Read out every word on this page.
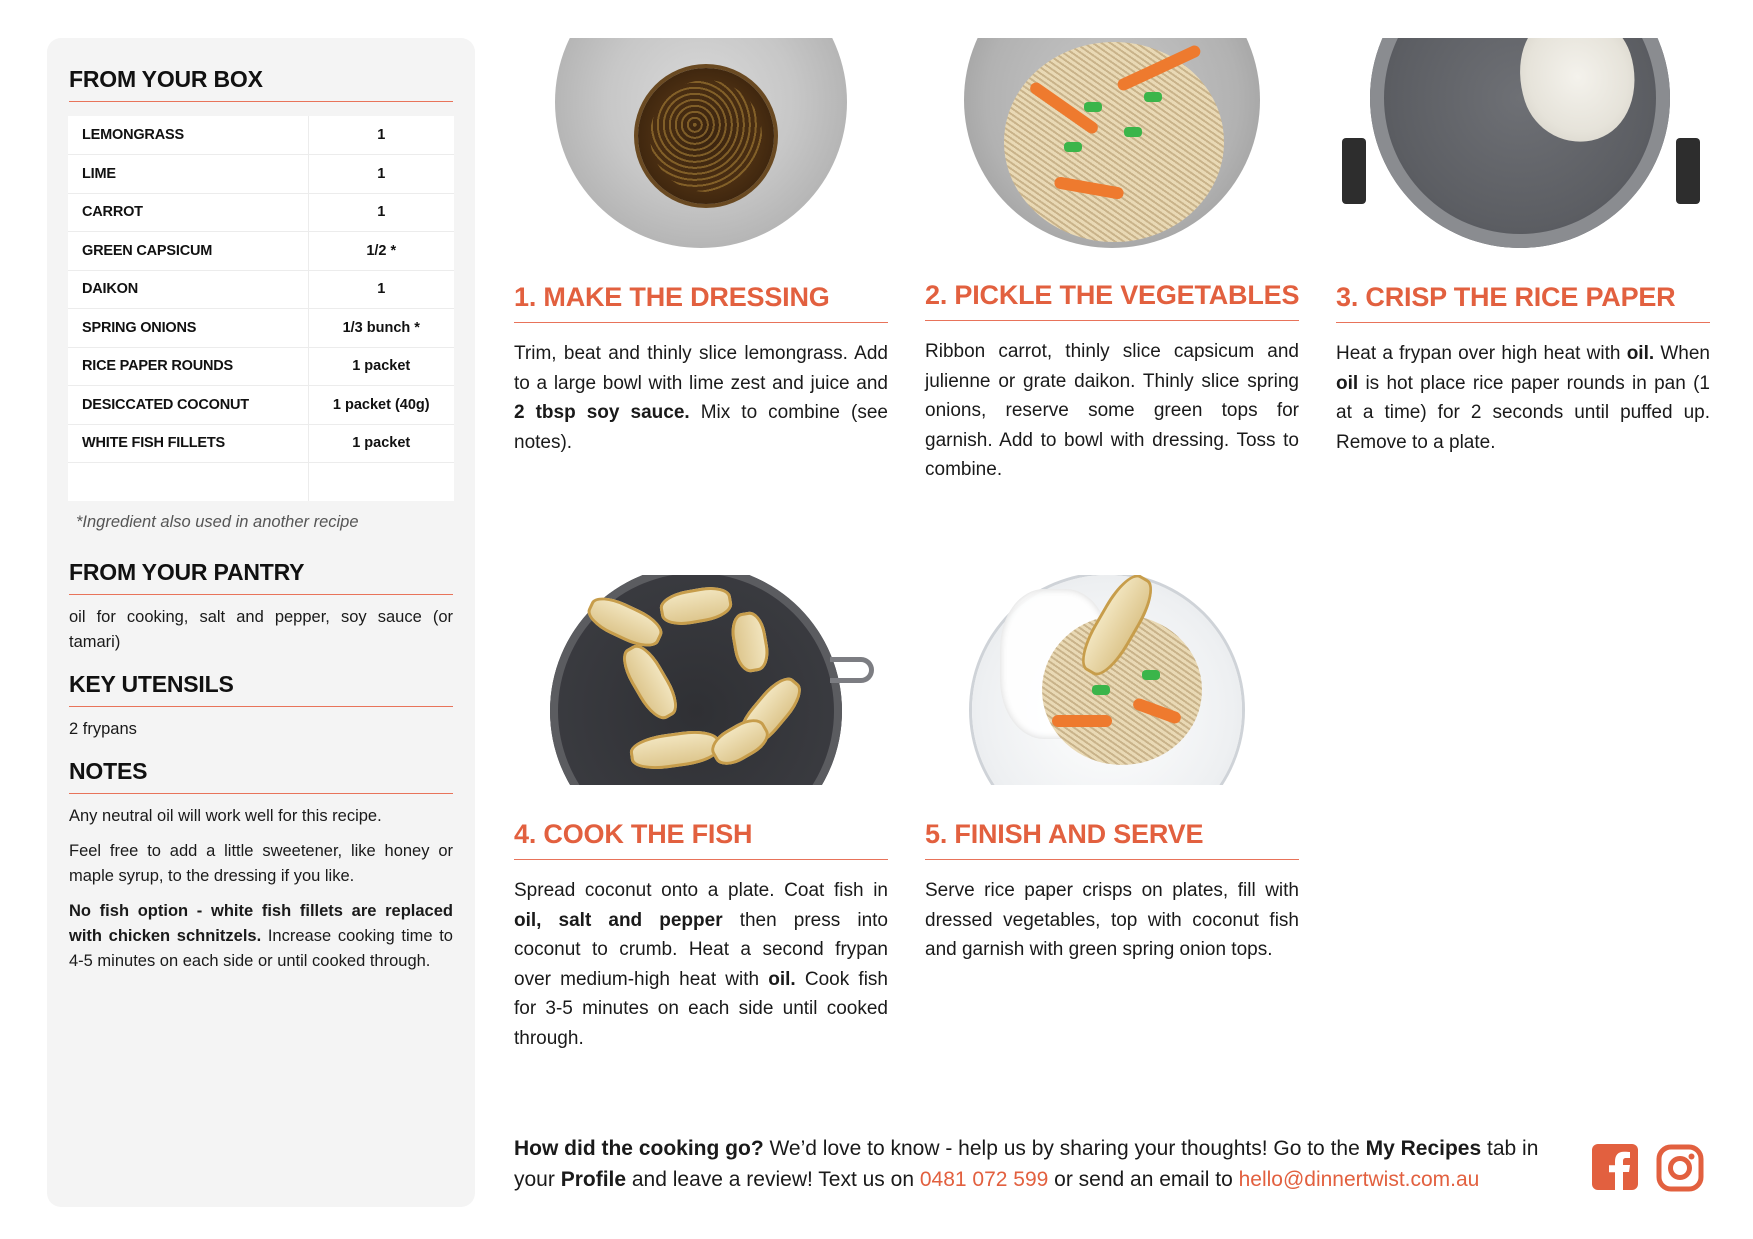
FROM YOUR BOX
LEMONGRASS	1
LIME	1
CARROT	1
GREEN CAPSICUM	1/2 *
DAIKON	1
SPRING ONIONS	1/3 bunch *
RICE PAPER ROUNDS	1 packet
DESICCATED COCONUT	1 packet (40g)
WHITE FISH FILLETS	1 packet

*Ingredient also used in another recipe
FROM YOUR PANTRY
oil for cooking, salt and pepper, soy sauce (or tamari)
KEY UTENSILS
2 frypans
NOTES

Any neutral oil will work well for this recipe.

Feel free to add a little sweetener, like honey or maple syrup, to the dressing if you like.

No fish option - white fish fillets are replaced with chicken schnitzels. Increase cooking time to 4-5 minutes on each side or until cooked through.

1. MAKE THE DRESSING
Trim, beat and thinly slice lemongrass. Add to a large bowl with lime zest and juice and 2 tbsp soy sauce. Mix to combine (see notes).
2. PICKLE THE VEGETABLES
Ribbon carrot, thinly slice capsicum and julienne or grate daikon. Thinly slice spring onions, reserve some green tops for garnish. Add to bowl with dressing. Toss to combine.
3. CRISP THE RICE PAPER
Heat a frypan over high heat with oil. When oil is hot place rice paper rounds in pan (1 at a time) for 2 seconds until puffed up. Remove to a plate.
4. COOK THE FISH
Spread coconut onto a plate. Coat fish in oil, salt and pepper then press into coconut to crumb. Heat a second frypan over medium-high heat with oil. Cook fish for 3-5 minutes on each side until cooked through.
5. FINISH AND SERVE
Serve rice paper crisps on plates, fill with dressed vegetables, top with coconut fish and garnish with green spring onion tops.
How did the cooking go? We’d love to know - help us by sharing your thoughts! Go to the My Recipes tab in your Profile and leave a review! Text us on 0481 072 599 or send an email to hello@dinnertwist.com.au
